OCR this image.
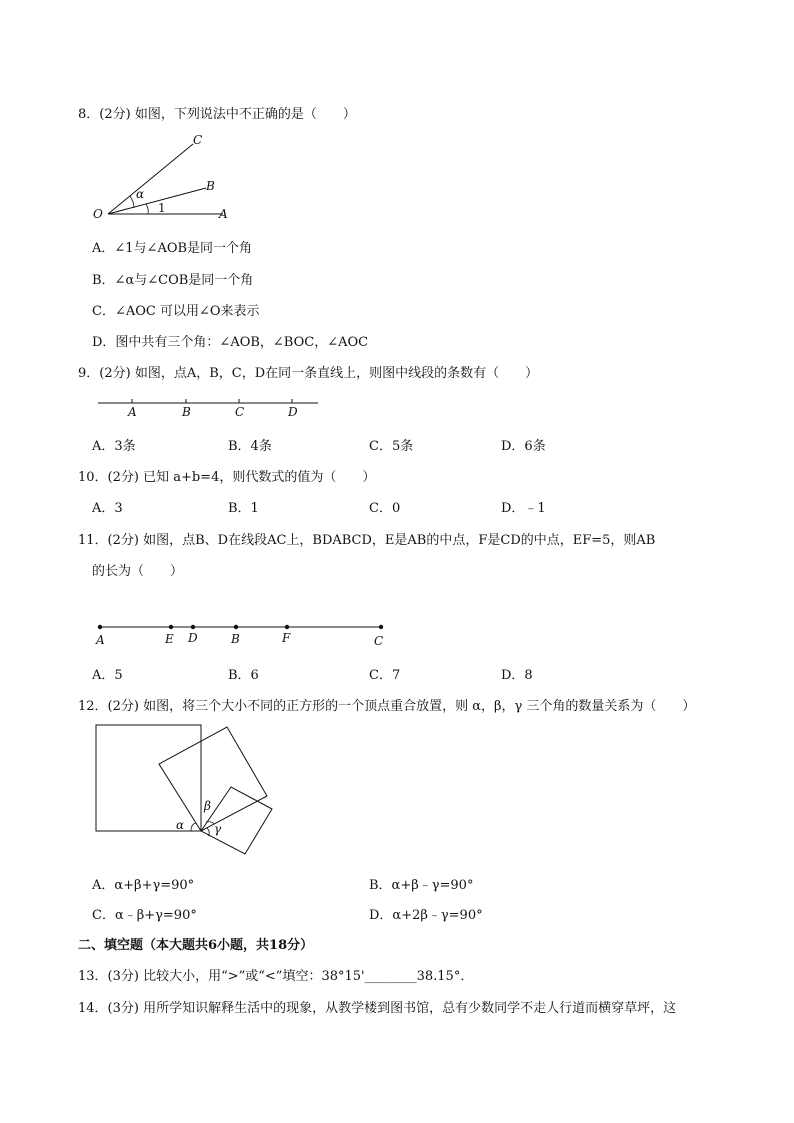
8．(2分) 如图，下列说法中不正确的是（　　）
C
B
O	A
α
1
A．∠1与∠AOB是同一个角
B．∠α与∠COB是同一个角
C．∠AOC 可以用∠O来表示
D．图中共有三个角：∠AOB，∠BOC，∠AOC
9．(2分) 如图，点A，B，C，D在同一条直线上，则图中线段的条数有（　　）
A	B	C	D
A．3条	B．4条	C．5条	D．6条
10．(2分) 已知 a+b=4，则代数式的值为（　　）
A．3	B．1	C．0	D．﹣1
11．(2分) 如图，点B、D在线段AC上，BDABCD，E是AB的中点，F是CD的中点，EF=5，则AB
的长为（　　）
A	E D	B	F	C
A．5	B．6	C．7	D．8
12．(2分) 如图，将三个大小不同的正方形的一个顶点重合放置，则 α，β，γ 三个角的数量关系为（　　）
α
β
γ
A．α+β+γ=90°	B．α+β﹣γ=90°
C．α﹣β+γ=90°	D．α+2β﹣γ=90°
二、填空题（本大题共6小题，共18分）
13．(3分) 比较大小，用“>”或“<”填空：38°15'________38.15°．
14．(3分) 用所学知识解释生活中的现象，从教学楼到图书馆，总有少数同学不走人行道而横穿草坪，这
